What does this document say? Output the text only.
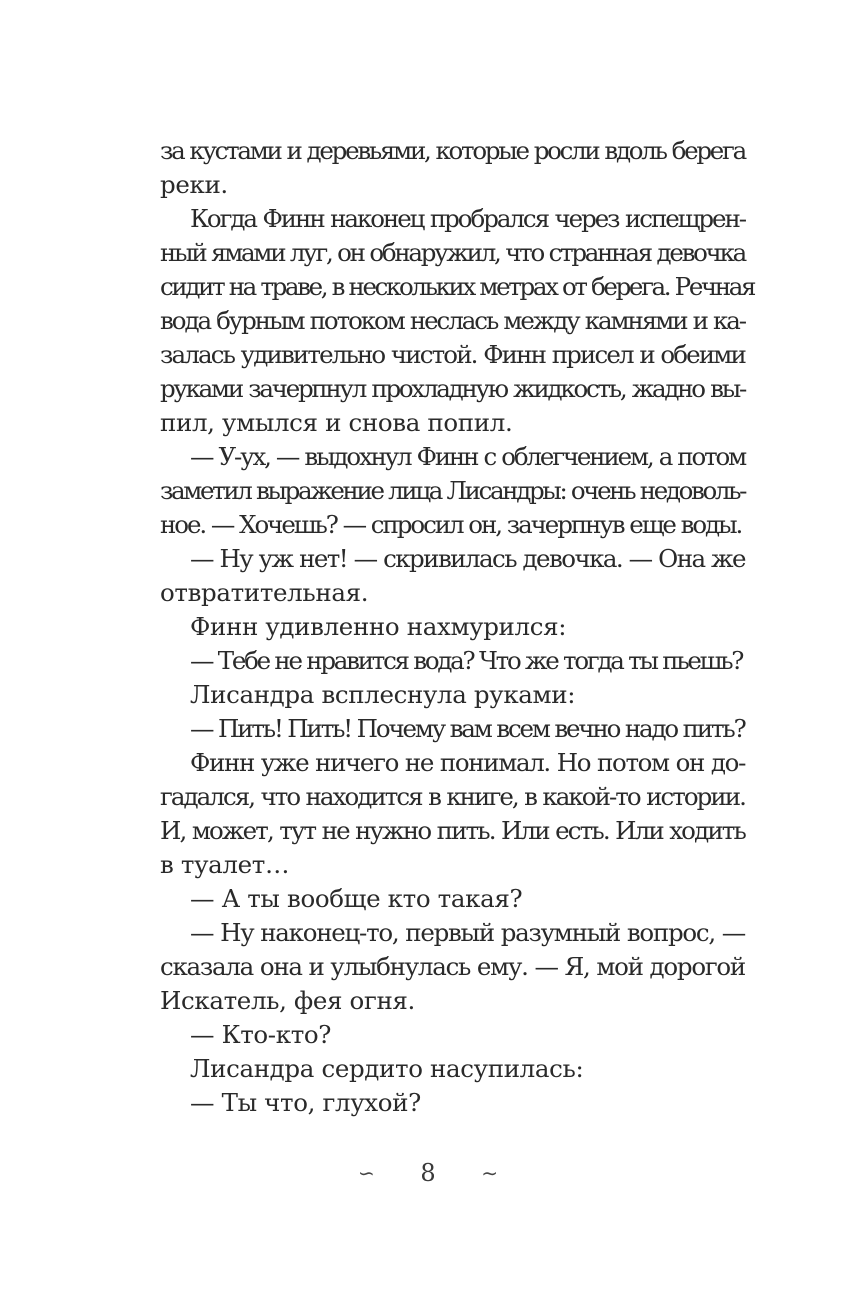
за кустами и деревьями, которые росли вдоль берега
реки.
Когда Финн наконец пробрался через испещрен-
ный ямами луг, он обнаружил, что странная девочка
сидит на траве, в нескольких метрах от берега. Речная
вода бурным потоком неслась между камнями и ка-
залась удивительно чистой. Финн присел и обеими
руками зачерпнул прохладную жидкость, жадно вы-
пил, умылся и снова попил.
— У-ух, — выдохнул Финн с облегчением, а потом
заметил выражение лица Лисандры: очень недоволь-
ное. — Хочешь? — спросил он, зачерпнув еще воды.
— Ну уж нет! — скривилась девочка. — Она же
отвратительная.
Финн удивленно нахмурился:
— Тебе не нравится вода? Что же тогда ты пьешь?
Лисандра всплеснула руками:
— Пить! Пить! Почему вам всем вечно надо пить?
Финн уже ничего не понимал. Но потом он до-
гадался, что находится в книге, в какой-то истории.
И, может, тут не нужно пить. Или есть. Или ходить
в туалет…
— А ты вообще кто такая?
— Ну наконец-то, первый разумный вопрос, —
сказала она и улыбнулась ему. — Я, мой дорогой
Искатель, фея огня.
— Кто-кто?
Лисандра сердито насупилась:
— Ты что, глухой?
∽ 8 ∼
